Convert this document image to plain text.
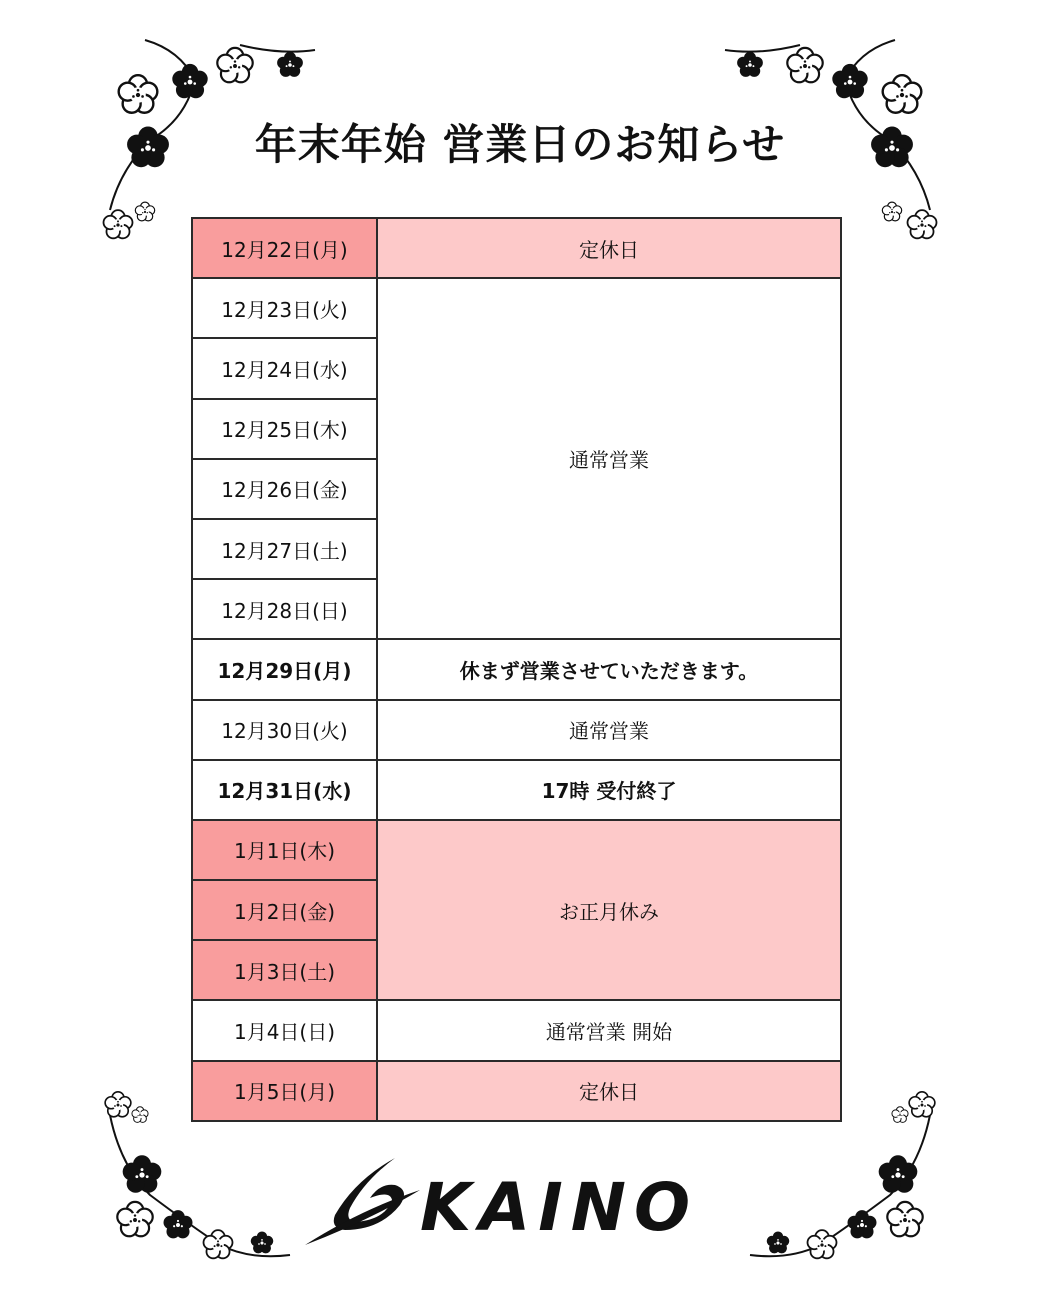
年末年始 営業日のお知らせ
12月22日(月)	定休日
12月23日(火)	通常営業
12月24日(水)	
12月25日(木)	
12月26日(金)	
12月27日(土)	
12月28日(日)	
12月29日(月)	休まず営業させていただきます。
12月30日(火)	通常営業
12月31日(水)	17時 受付終了
1月1日(木)	お正月休み
1月2日(金)	
1月3日(土)	
1月4日(日)	通常営業 開始
1月5日(月)	定休日
KAINO
